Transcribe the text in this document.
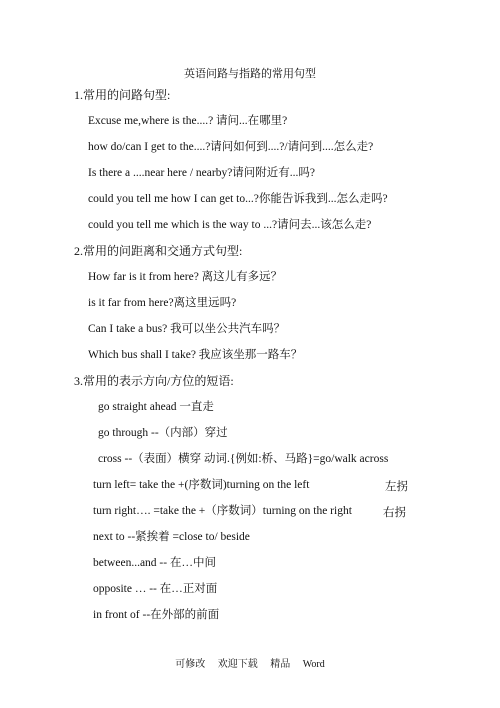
英语问路与指路的常用句型
1.常用的问路句型:
Excuse me,where is the....? 请问...在哪里?
how do/can I get to the....?请问如何到....?/请问到....怎么走?
Is there a ....near here / nearby?请问附近有...吗?
could you tell me how I can get to...?你能告诉我到...怎么走吗?
could you tell me which is the way to ...?请问去...该怎么走?
2.常用的问距离和交通方式句型:
How far is it from here? 离这儿有多远？
is it far from here?离这里远吗?
Can I take a bus? 我可以坐公共汽车吗？
Which bus shall I take? 我应该坐那一路车？
3.常用的表示方向/方位的短语:
go straight ahead 一直走
go through --（内部）穿过
cross --（表面）横穿 动词.{例如:桥、马路}=go/walk across
turn left= take the +(序数词)turning on the left	左拐
turn right…. =take the +（序数词）turning on the right	右拐
next to --紧挨着 =close to/ beside
between...and -- 在…中间
opposite … -- 在…正对面
in front of --在外部的前面
可修改 欢迎下载 精品 Word
